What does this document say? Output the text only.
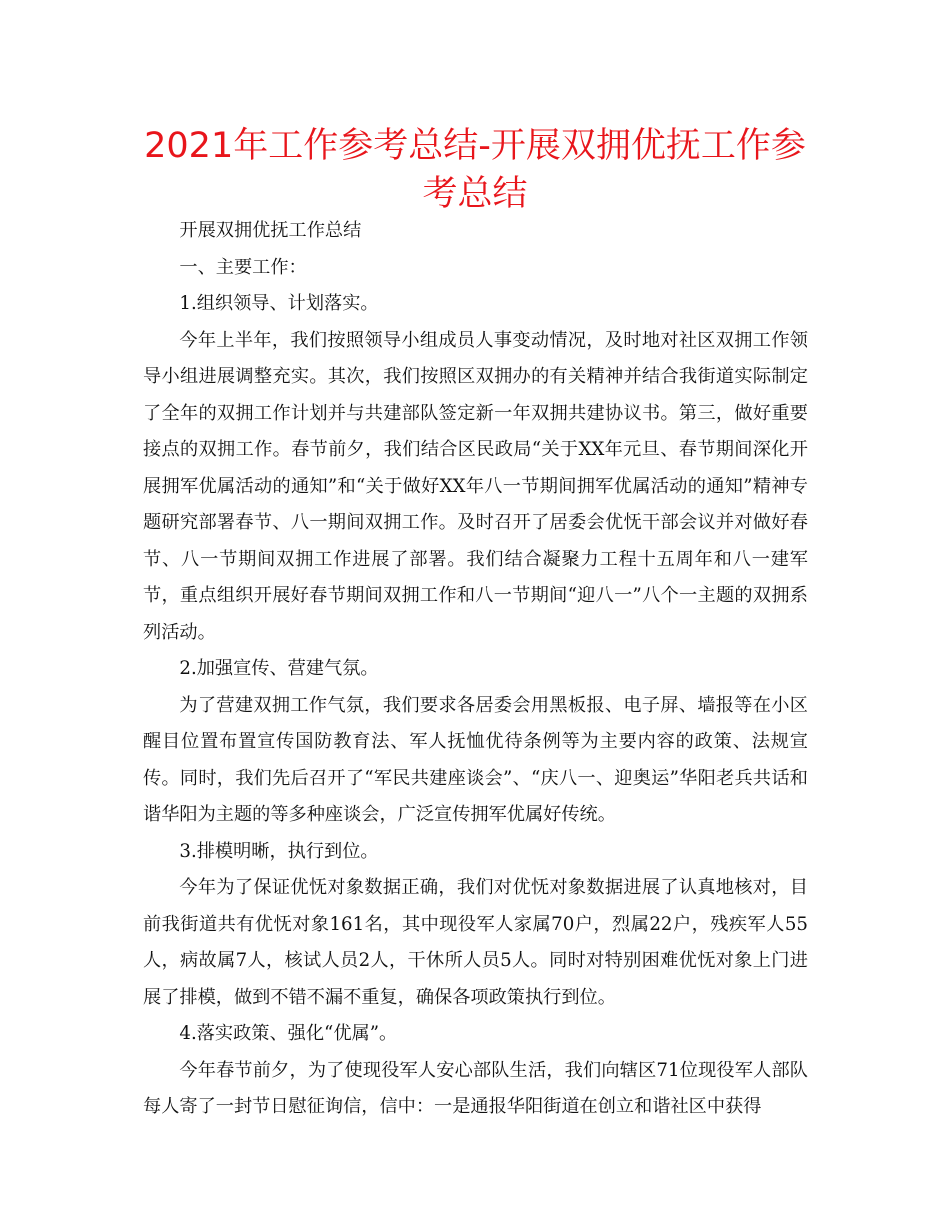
2021年工作参考总结-开展双拥优抚工作参考总结

开展双拥优抚工作总结

一、主要工作：

1.组织领导、计划落实。

今年上半年，我们按照领导小组成员人事变动情况，及时地对社区双拥工作领导小组进展调整充实。其次，我们按照区双拥办的有关精神并结合我街道实际制定了全年的双拥工作计划并与共建部队签定新一年双拥共建协议书。第三，做好重要接点的双拥工作。春节前夕，我们结合区民政局“关于XX年元旦、春节期间深化开展拥军优属活动的通知”和“关于做好XX年八一节期间拥军优属活动的通知”精神专题研究部署春节、八一期间双拥工作。及时召开了居委会优怃干部会议并对做好春节、八一节期间双拥工作进展了部署。我们结合凝聚力工程十五周年和八一建军节，重点组织开展好春节期间双拥工作和八一节期间“迎八一”八个一主题的双拥系列活动。

2.加强宣传、营建气氛。

为了营建双拥工作气氛，我们要求各居委会用黑板报、电子屏、墙报等在小区醒目位置布置宣传国防教育法、军人抚恤优待条例等为主要内容的政策、法规宣传。同时，我们先后召开了“军民共建座谈会”、“庆八一、迎奥运”华阳老兵共话和谐华阳为主题的等多种座谈会，广泛宣传拥军优属好传统。

3.排模明晰，执行到位。

今年为了保证优怃对象数据正确，我们对优怃对象数据进展了认真地核对，目前我街道共有优怃对象161名，其中现役军人家属70户，烈属22户，残疾军人55人，病故属7人，核试人员2人，干休所人员5人。同时对特别困难优怃对象上门进展了排模，做到不错不漏不重复，确保各项政策执行到位。

4.落实政策、强化“优属”。

今年春节前夕，为了使现役军人安心部队生活，我们向辖区71位现役军人部队每人寄了一封节日慰征询信，信中：一是通报华阳街道在创立和谐社区中获得
